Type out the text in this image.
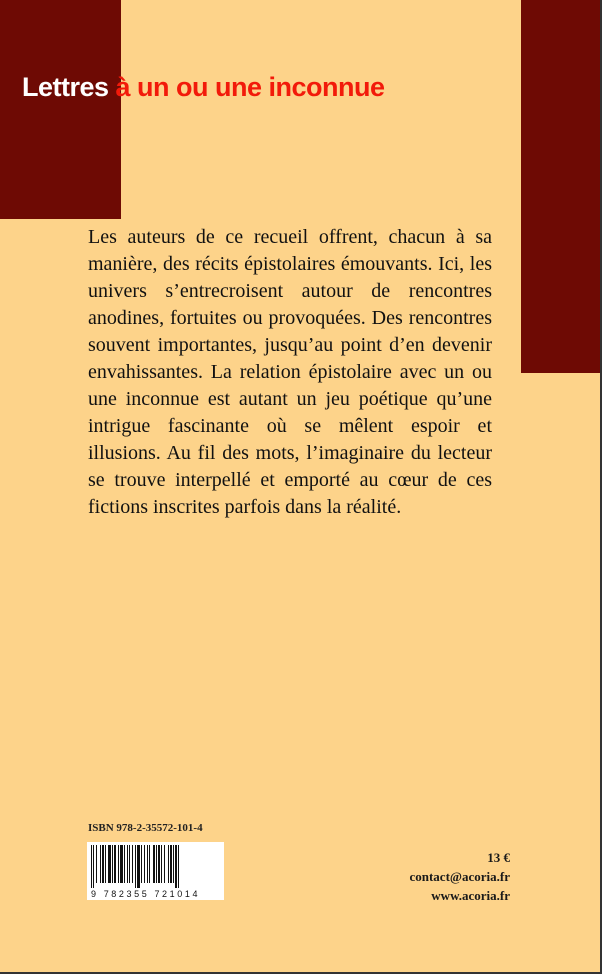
Lettres à un ou une inconnue

Les auteurs de ce recueil offrent, chacun à sa manière, des récits épistolaires émouvants. Ici, les univers s’entrecroisent autour de rencontres anodines, fortuites ou provoquées. Des rencontres souvent importantes, jusqu’au point d’en devenir envahissantes. La relation épistolaire avec un ou une inconnue est autant un jeu poétique qu’une intrigue fascinante où se mêlent espoir et illusions. Au fil des mots, l’imaginaire du lecteur se trouve interpellé et emporté au cœur de ces fictions inscrites parfois dans la réalité.

ISBN 978-2-35572-101-4
9 782355 721014
13 €
contact@acoria.fr
www.acoria.fr
